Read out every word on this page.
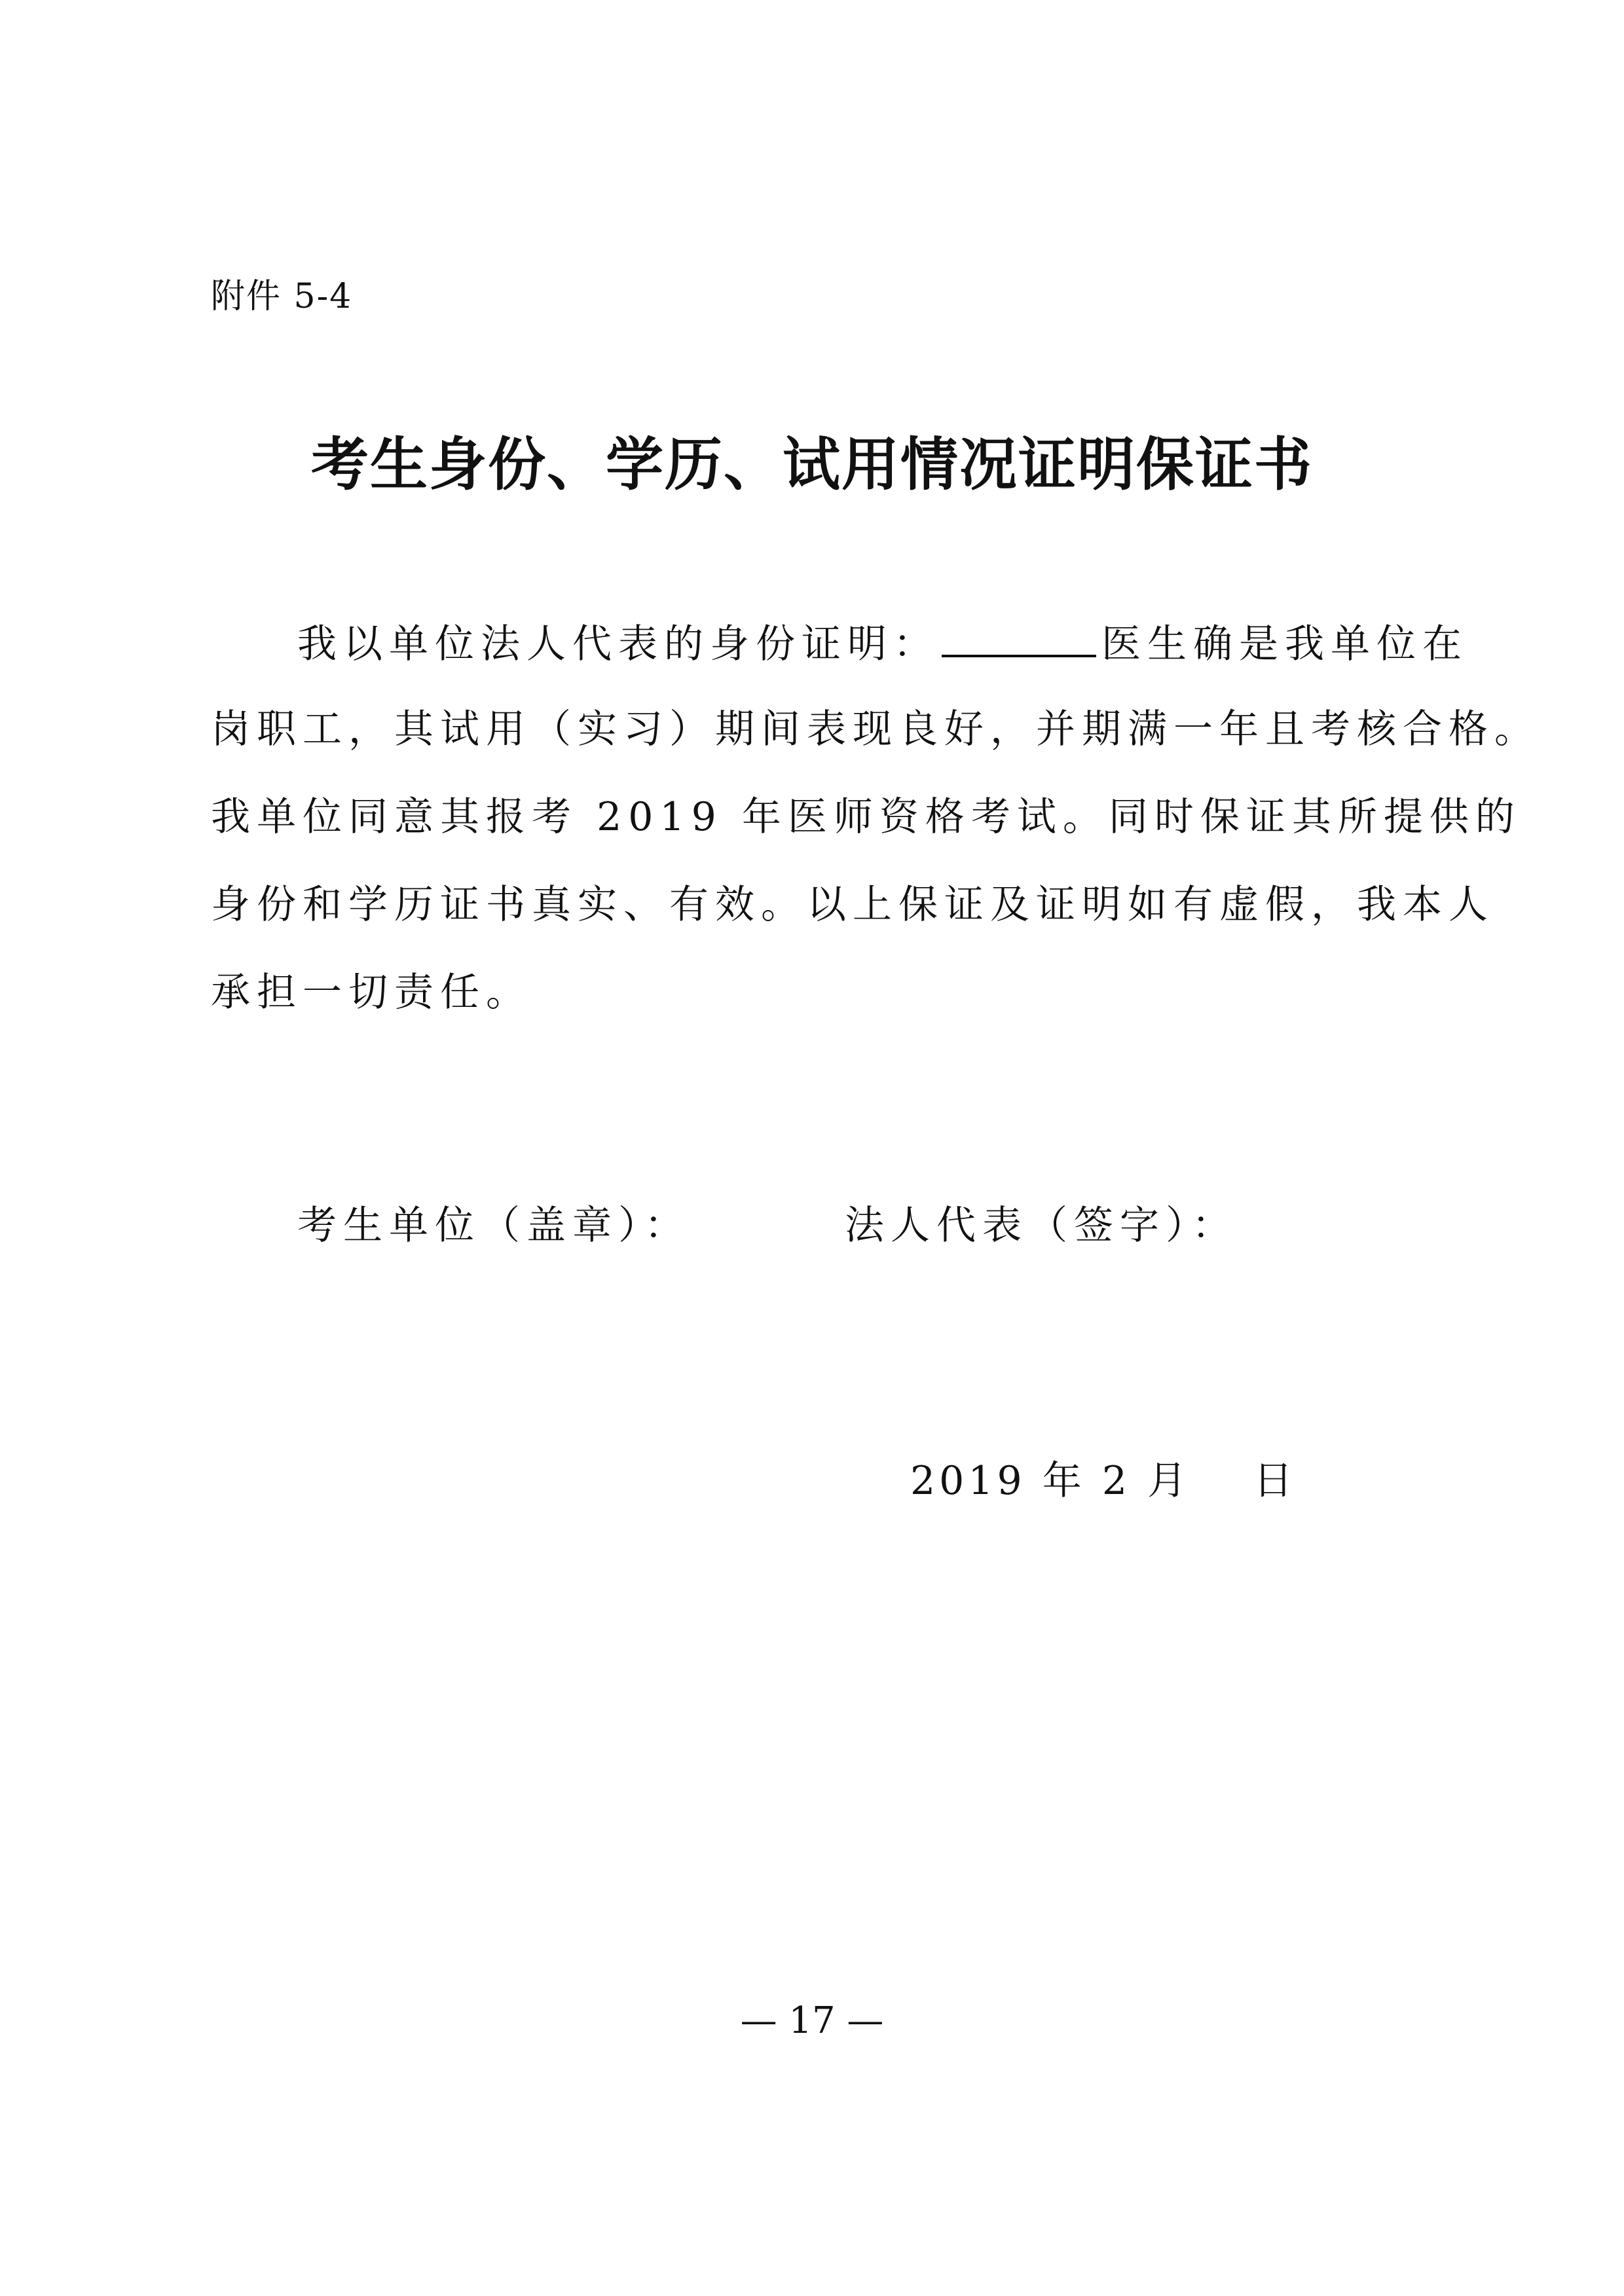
附件 5-4
考生身份、学历、试用情况证明保证书
我以单位法人代表的身份证明：	医生确是我单位在
岗职工，其试用（实习）期间表现良好，并期满一年且考核合格。
我单位同意其报考 2019 年医师资格考试。同时保证其所提供的
身份和学历证书真实、有效。以上保证及证明如有虚假，我本人
承担一切责任。
考生单位（盖章）：	法人代表（签字）：
2019 年 2 月 日
— 17 —
